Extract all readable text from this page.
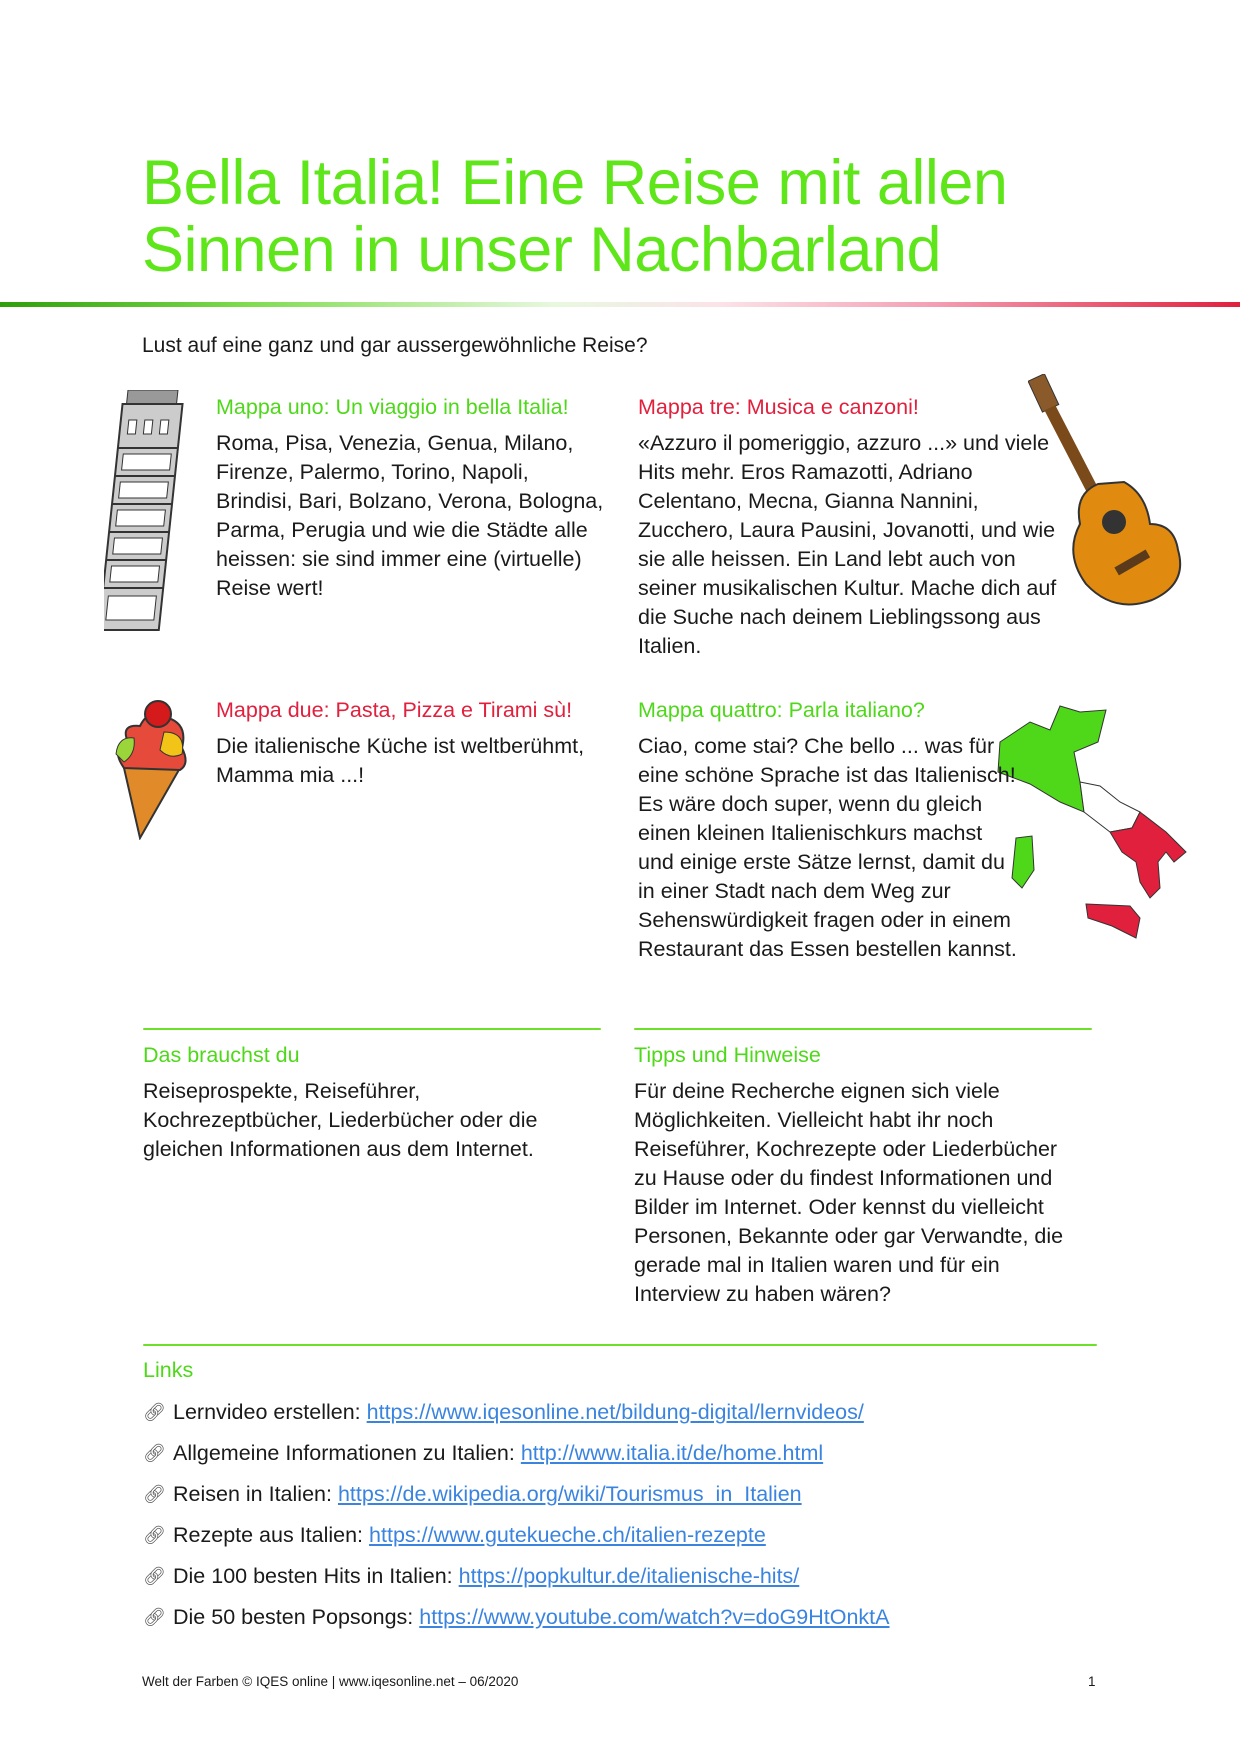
Bella Italia! Eine Reise mit allen
Sinnen in unser Nachbarland

Lust auf eine ganz und gar aussergewöhnliche Reise?

Mappa uno: Un viaggio in bella Italia!

Roma, Pisa, Venezia, Genua, Milano, Firenze, Palermo, Torino, Napoli, Brindisi, Bari, Bolzano, Verona, Bologna, Parma, Perugia und wie die Städte alle heissen: sie sind immer eine (virtuelle) Reise wert!

Mappa due: Pasta, Pizza e Tirami sù!

Die italienische Küche ist weltberühmt, Mamma mia ...!

Mappa tre: Musica e canzoni!

«Azzuro il pomeriggio, azzuro ...» und viele Hits mehr. Eros Ramazotti, Adriano Celentano, Mecna, Gianna Nannini, Zucchero, Laura Pausini, Jovanotti, und wie sie alle heissen. Ein Land lebt auch von seiner musikalischen Kultur. Mache dich auf die Suche nach deinem Lieblingssong aus Italien.

Mappa quattro: Parla italiano?

Ciao, come stai? Che bello ... was für eine schöne Sprache ist das Italienisch! Es wäre doch super, wenn du gleich einen kleinen Italienischkurs machst und einige erste Sätze lernst, damit du in einer Stadt nach dem Weg zur Sehenswürdigkeit fragen oder in einem Restaurant das Essen bestellen kannst.

Das brauchst du

Reiseprospekte, Reiseführer, Kochrezeptbücher, Liederbücher oder die gleichen Informationen aus dem Internet.

Tipps und Hinweise

Für deine Recherche eignen sich viele Möglichkeiten. Vielleicht habt ihr noch Reiseführer, Kochrezepte oder Liederbücher zu Hause oder du findest Informationen und Bilder im Internet. Oder kennst du vielleicht Personen, Bekannte oder gar Verwandte, die gerade mal in Italien waren und für ein Interview zu haben wären?

Links
🔗︎ Lernvideo erstellen: https://www.iqesonline.net/bildung-digital/lernvideos/
🔗︎ Allgemeine Informationen zu Italien: http://www.italia.it/de/home.html
🔗︎ Reisen in Italien: https://de.wikipedia.org/wiki/Tourismus_in_Italien
🔗︎ Rezepte aus Italien: https://www.gutekueche.ch/italien-rezepte
🔗︎ Die 100 besten Hits in Italien: https://popkultur.de/italienische-hits/
🔗︎ Die 50 besten Popsongs: https://www.youtube.com/watch?v=doG9HtOnktA
Welt der Farben © IQES online | www.iqesonline.net – 06/2020	1
